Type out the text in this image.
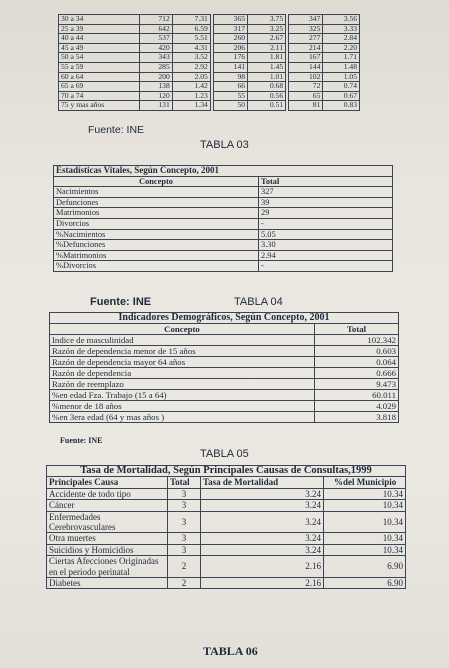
30 a 34	712	7.31	365	3.75	347	3.56
25 a 39	642	6.59	317	3.25	325	3.33
40 a 44	537	5.51	260	2.67	277	2.84
45 a 49	420	4.31	206	2.11	214	2.20
50 a 54	343	3.52	176	1.81	167	1.71
55 a 59	285	2.92	141	1.45	144	1.48
60 a 64	200	2.05	98	1.01	102	1.05
65 a 69	138	1.42	66	0.68	72	0.74
70 a 74	120	1.23	55	0.56	65	0.67
75 y mas años	131	1.34	50	0.51	81	0.83
Fuente: INE
TABLA 03
Estadísticas Vitales, Según Concepto, 2001	
Concepto	Total
Nacimientos	327
Defunciones	39
Matrimonios	29
Divorcios	-
%Nacimientos	5.05
%Defunciones	3.30
%Matrimonios	2.94
%Divorcios	-
Fuente: INE	TABLA 04
Indicadores Demográficos, Según Concepto, 2001	
Concepto	Total
Indice de masculinidad	102.342
Razón de dependencia menor de 15 años	0.603
Razón de dependencia mayor 64 años	0.064
Razón de dependencia	0.666
Razón de reemplazo	9.473
%en edad Fza. Trabajo (15 a 64)	60.011
%menor de 18 años	4.029
%en 3era edad (64 y mas años )	3.818
Fuente: INE
TABLA 05
Tasa de Mortalidad, Según Principales Causas de Consultas,1999			
Principales Causa	Total	Tasa de Mortalidad	%del Municipio
Accidente de todo tipo	3	3.24	10.34
Cáncer	3	3.24	10.34
Enfermedades Cerebrovasculares	3	3.24	10.34
Otra muertes	3	3.24	10.34
Suicidios y Homicidios	3	3.24	10.34
Ciertas Afecciones Originadas en el periodo perinatal	2	2.16	6.90
Diabetes	2	2.16	6.90
TABLA 06
